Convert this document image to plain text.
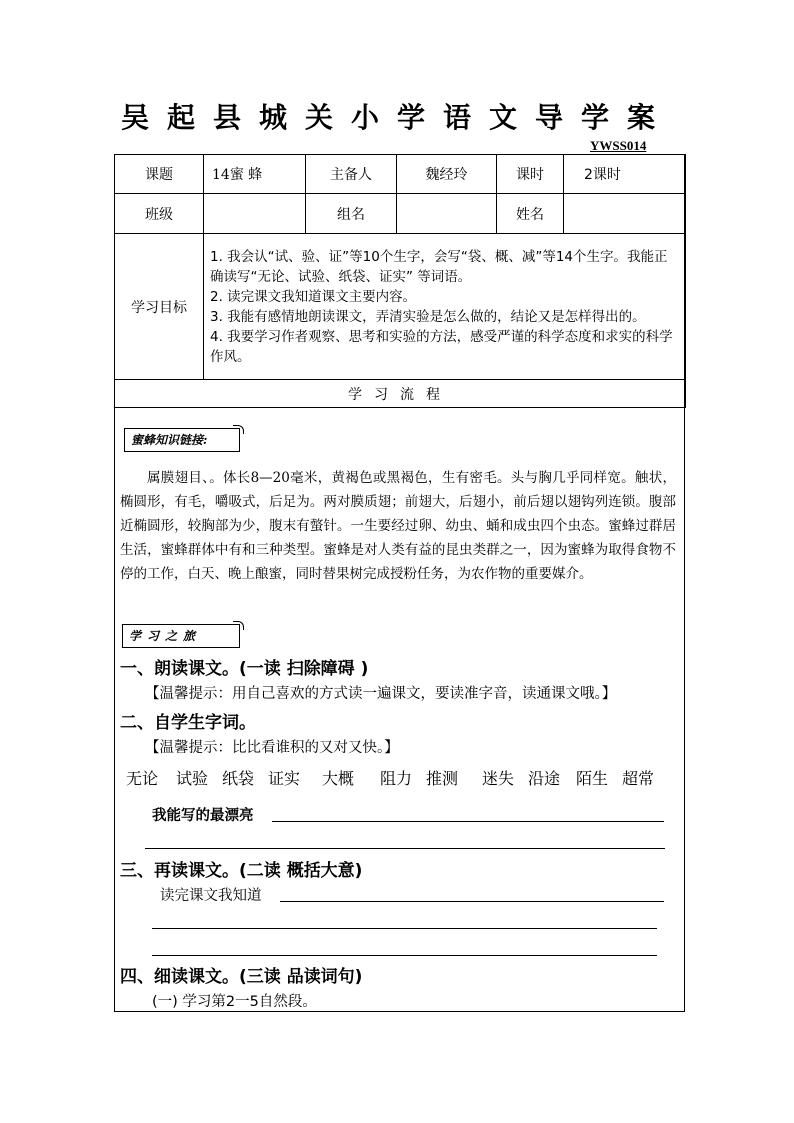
吴起县城关小学语文导学案
YWSS014
课题	14蜜 蜂	主备人	魏经玲	课时	2课时
班级		组名		姓名	
学习目标	1. 我会认“试、验、证”等10个生字，会写“袋、概、减”等14个生字。我能正确读写“无论、试验、纸袋、证实” 等词语。
2. 读完课文我知道课文主要内容。
3. 我能有感情地朗读课文，弄清实验是怎么做的，结论又是怎样得出的。
4. 我要学习作者观察、思考和实验的方法，感受严谨的科学态度和求实的科学作风。				

学习流程					
蜜蜂知识链接:
属膜翅目、。体长8—20毫米，黄褐色或黑褐色，生有密毛。头与胸几乎同样宽。触状，椭圆形，有毛，嚼吸式，后足为。两对膜质翅；前翅大，后翅小，前后翅以翅钩列连锁。腹部近椭圆形，较胸部为少，腹末有螫针。一生要经过卵、幼虫、蛹和成虫四个虫态。蜜蜂过群居生活，蜜蜂群体中有和三种类型。蜜蜂是对人类有益的昆虫类群之一，因为蜜蜂为取得食物不停的工作，白天、晚上酿蜜，同时替果树完成授粉任务，为农作物的重要媒介。
学习之旅
一、朗读课文。(一读 扫除障碍 )
【温馨提示：用自己喜欢的方式读一遍课文，要读准字音，读通课文哦。】
二、自学生字词。
【温馨提示：比比看谁积的又对又快。】
无论 试验 纸袋 证实 大概 阻力 推测 迷失 沿途 陌生 超常
我能写的最漂亮
三、再读课文。(二读 概括大意)
读完课文我知道
四、细读课文。(三读 品读词句)
(一) 学习第2一5自然段。
